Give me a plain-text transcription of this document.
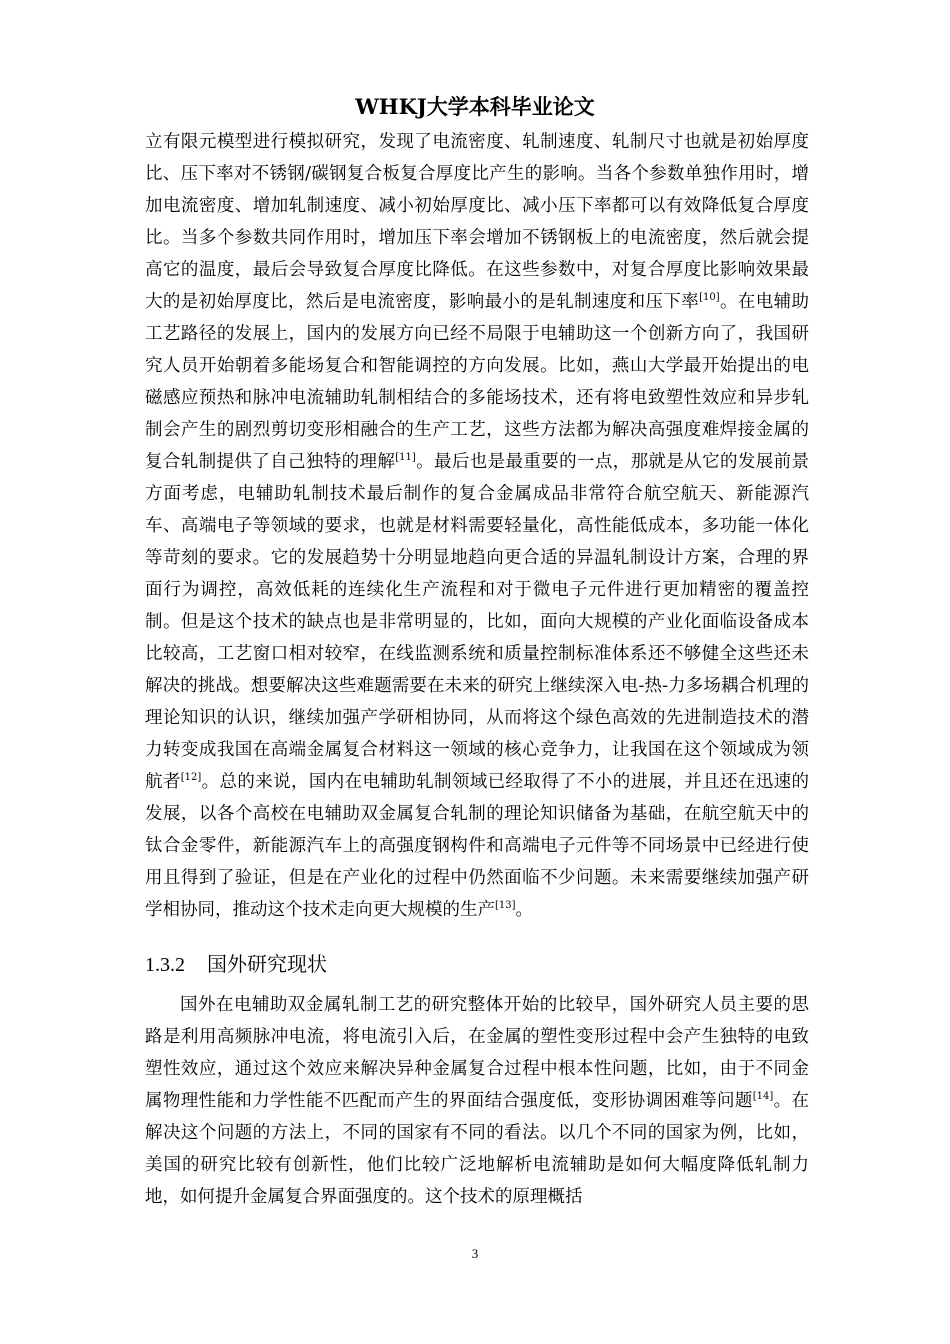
WHKJ大学本科毕业论文
立有限元模型进行模拟研究，发现了电流密度、轧制速度、轧制尺寸也就是初始厚度比、压下率对不锈钢/碳钢复合板复合厚度比产生的影响。当各个参数单独作用时，增加电流密度、增加轧制速度、减小初始厚度比、减小压下率都可以有效降低复合厚度比。当多个参数共同作用时，增加压下率会增加不锈钢板上的电流密度，然后就会提高它的温度，最后会导致复合厚度比降低。在这些参数中，对复合厚度比影响效果最大的是初始厚度比，然后是电流密度，影响最小的是轧制速度和压下率[10]。在电辅助工艺路径的发展上，国内的发展方向已经不局限于电辅助这一个创新方向了，我国研究人员开始朝着多能场复合和智能调控的方向发展。比如，燕山大学最开始提出的电磁感应预热和脉冲电流辅助轧制相结合的多能场技术，还有将电致塑性效应和异步轧制会产生的剧烈剪切变形相融合的生产工艺，这些方法都为解决高强度难焊接金属的复合轧制提供了自己独特的理解[11]。最后也是最重要的一点，那就是从它的发展前景方面考虑，电辅助轧制技术最后制作的复合金属成品非常符合航空航天、新能源汽车、高端电子等领域的要求，也就是材料需要轻量化，高性能低成本，多功能一体化等苛刻的要求。它的发展趋势十分明显地趋向更合适的异温轧制设计方案，合理的界面行为调控，高效低耗的连续化生产流程和对于微电子元件进行更加精密的覆盖控制。但是这个技术的缺点也是非常明显的，比如，面向大规模的产业化面临设备成本比较高，工艺窗口相对较窄，在线监测系统和质量控制标准体系还不够健全这些还未解决的挑战。想要解决这些难题需要在未来的研究上继续深入电-热-力多场耦合机理的理论知识的认识，继续加强产学研相协同，从而将这个绿色高效的先进制造技术的潜力转变成我国在高端金属复合材料这一领域的核心竞争力，让我国在这个领域成为领航者[12]。总的来说，国内在电辅助轧制领域已经取得了不小的进展，并且还在迅速的发展，以各个高校在电辅助双金属复合轧制的理论知识储备为基础，在航空航天中的钛合金零件，新能源汽车上的高强度钢构件和高端电子元件等不同场景中已经进行使用且得到了验证，但是在产业化的过程中仍然面临不少问题。未来需要继续加强产研学相协同，推动这个技术走向更大规模的生产[13]。
1.3.2 国外研究现状
国外在电辅助双金属轧制工艺的研究整体开始的比较早，国外研究人员主要的思路是利用高频脉冲电流，将电流引入后，在金属的塑性变形过程中会产生独特的电致塑性效应，通过这个效应来解决异种金属复合过程中根本性问题，比如，由于不同金属物理性能和力学性能不匹配而产生的界面结合强度低，变形协调困难等问题[14]。在解决这个问题的方法上，不同的国家有不同的看法。以几个不同的国家为例，比如，美国的研究比较有创新性，他们比较广泛地解析电流辅助是如何大幅度降低轧制力地，如何提升金属复合界面强度的。这个技术的原理概括
3
